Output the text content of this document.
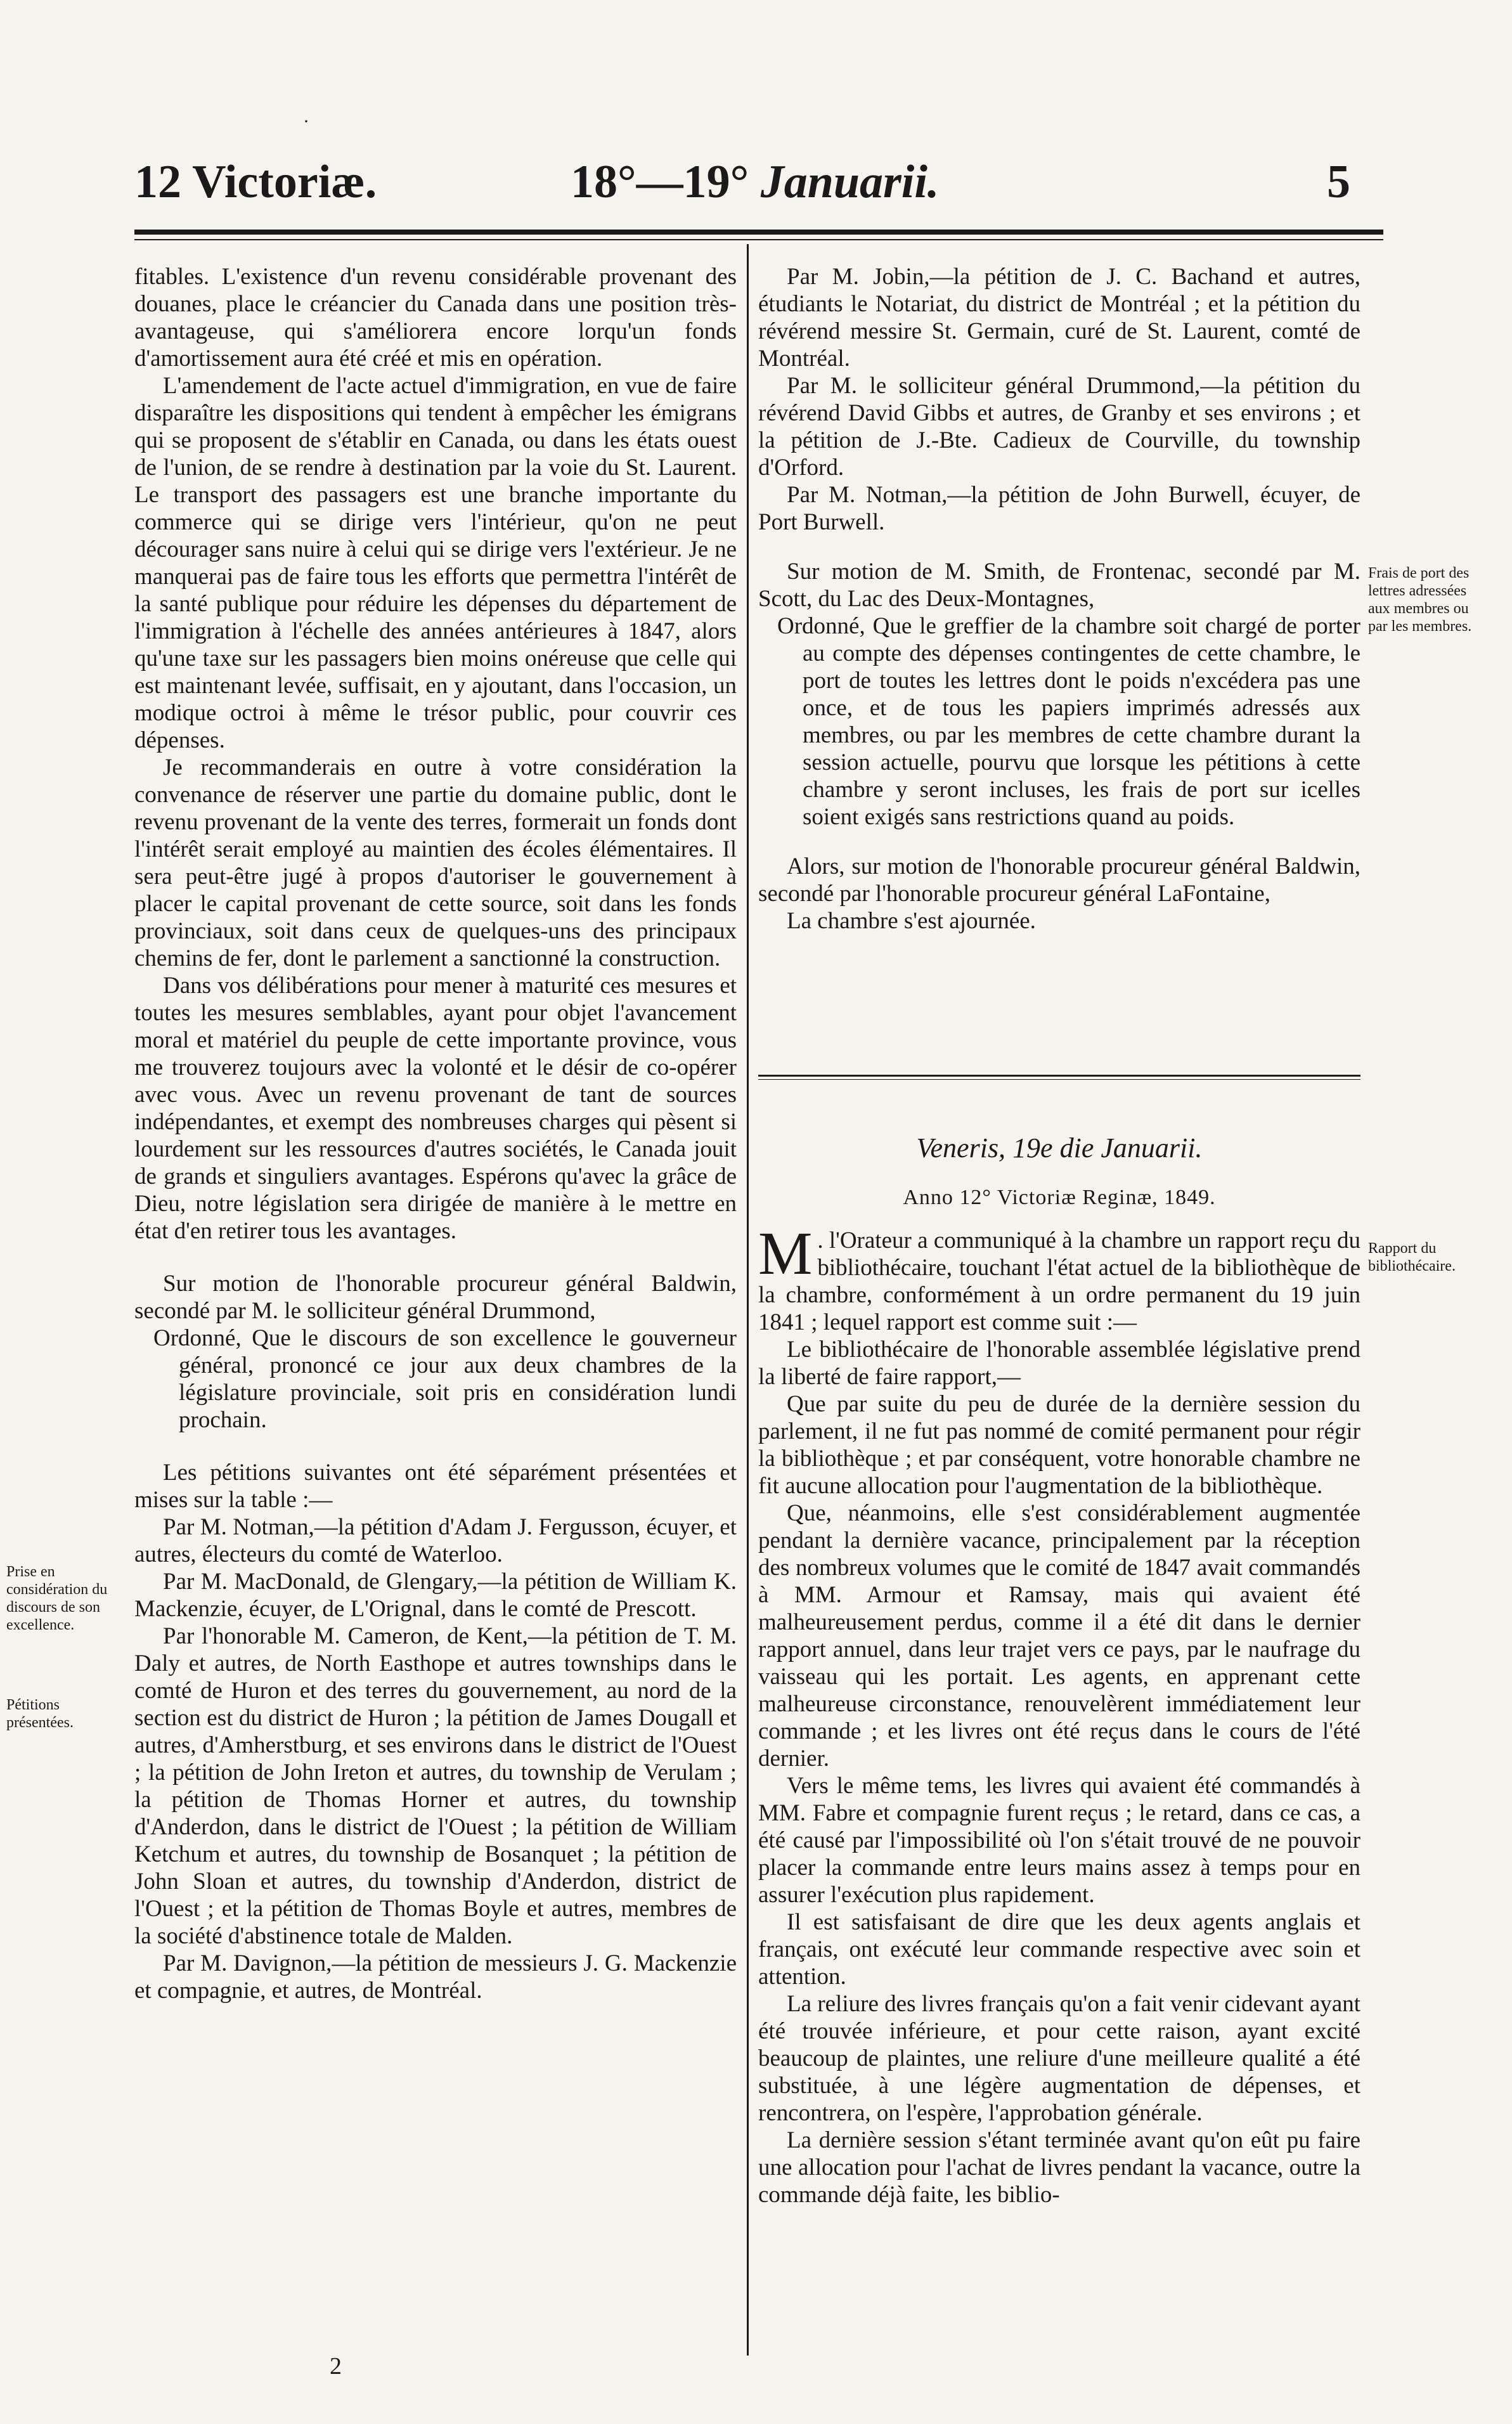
·
12 Victoriæ.	18°—19° Januarii.	5

fitables. L'existence d'un revenu considérable provenant des douanes, place le créancier du Canada dans une position très-avantageuse, qui s'améliorera encore lorqu'un fonds d'amortissement aura été créé et mis en opération.

L'amendement de l'acte actuel d'immigration, en vue de faire disparaître les dispositions qui tendent à empêcher les émigrans qui se proposent de s'établir en Canada, ou dans les états ouest de l'union, de se rendre à destination par la voie du St. Laurent. Le transport des passagers est une branche importante du commerce qui se dirige vers l'intérieur, qu'on ne peut décourager sans nuire à celui qui se dirige vers l'extérieur. Je ne manquerai pas de faire tous les efforts que permettra l'intérêt de la santé publique pour réduire les dépenses du département de l'immigration à l'échelle des années antérieures à 1847, alors qu'une taxe sur les passagers bien moins onéreuse que celle qui est maintenant levée, suffisait, en y ajoutant, dans l'occasion, un modique octroi à même le trésor public, pour couvrir ces dépenses.

Je recommanderais en outre à votre considération la convenance de réserver une partie du domaine public, dont le revenu provenant de la vente des terres, formerait un fonds dont l'intérêt serait employé au maintien des écoles élémentaires. Il sera peut-être jugé à propos d'autoriser le gouvernement à placer le capital provenant de cette source, soit dans les fonds provinciaux, soit dans ceux de quelques-uns des principaux chemins de fer, dont le parlement a sanctionné la construction.

Dans vos délibérations pour mener à maturité ces mesures et toutes les mesures semblables, ayant pour objet l'avancement moral et matériel du peuple de cette importante province, vous me trouverez toujours avec la volonté et le désir de co-opérer avec vous. Avec un revenu provenant de tant de sources indépendantes, et exempt des nombreuses charges qui pèsent si lourdement sur les ressources d'autres sociétés, le Canada jouit de grands et singuliers avantages. Espérons qu'avec la grâce de Dieu, notre législation sera dirigée de manière à le mettre en état d'en retirer tous les avantages.

Sur motion de l'honorable procureur général Baldwin, secondé par M. le solliciteur général Drummond,

Ordonné, Que le discours de son excellence le gouverneur général, prononcé ce jour aux deux chambres de la législature provinciale, soit pris en considération lundi prochain.

Les pétitions suivantes ont été séparément présentées et mises sur la table :—

Par M. Notman,—la pétition d'Adam J. Fergusson, écuyer, et autres, électeurs du comté de Waterloo.

Par M. MacDonald, de Glengary,—la pétition de William K. Mackenzie, écuyer, de L'Orignal, dans le comté de Prescott.

Par l'honorable M. Cameron, de Kent,—la pétition de T. M. Daly et autres, de North Easthope et autres townships dans le comté de Huron et des terres du gouvernement, au nord de la section est du district de Huron ; la pétition de James Dougall et autres, d'Amherstburg, et ses environs dans le district de l'Ouest ; la pétition de John Ireton et autres, du township de Verulam ; la pétition de Thomas Horner et autres, du township d'Anderdon, dans le district de l'Ouest ; la pétition de William Ketchum et autres, du township de Bosanquet ; la pétition de John Sloan et autres, du township d'Anderdon, district de l'Ouest ; et la pétition de Thomas Boyle et autres, membres de la société d'abstinence totale de Malden.

Par M. Davignon,—la pétition de messieurs J. G. Mackenzie et compagnie, et autres, de Montréal.

Par M. Jobin,—la pétition de J. C. Bachand et autres, étudiants le Notariat, du district de Montréal ; et la pétition du révérend messire St. Germain, curé de St. Laurent, comté de Montréal.

Par M. le solliciteur général Drummond,—la pétition du révérend David Gibbs et autres, de Granby et ses environs ; et la pétition de J.-Bte. Cadieux de Courville, du township d'Orford.

Par M. Notman,—la pétition de John Burwell, écuyer, de Port Burwell.

Sur motion de M. Smith, de Frontenac, secondé par M. Scott, du Lac des Deux-Montagnes,

Ordonné, Que le greffier de la chambre soit chargé de porter au compte des dépenses contingentes de cette chambre, le port de toutes les lettres dont le poids n'excédera pas une once, et de tous les papiers imprimés adressés aux membres, ou par les membres de cette chambre durant la session actuelle, pourvu que lorsque les pétitions à cette chambre y seront incluses, les frais de port sur icelles soient exigés sans restrictions quand au poids.

Alors, sur motion de l'honorable procureur général Baldwin, secondé par l'honorable procureur général LaFontaine,

La chambre s'est ajournée.

Veneris, 19e die Januarii.
Anno 12° Victoriæ Reginæ, 1849.

M . l'Orateur a communiqué à la chambre un rapport reçu du bibliothécaire, touchant l'état actuel de la bibliothèque de la chambre, conformément à un ordre permanent du 19 juin 1841 ; lequel rapport est comme suit :—

Le bibliothécaire de l'honorable assemblée législative prend la liberté de faire rapport,—

Que par suite du peu de durée de la dernière session du parlement, il ne fut pas nommé de comité permanent pour régir la bibliothèque ; et par conséquent, votre honorable chambre ne fit aucune allocation pour l'augmentation de la bibliothèque.

Que, néanmoins, elle s'est considérablement augmentée pendant la dernière vacance, principalement par la réception des nombreux volumes que le comité de 1847 avait commandés à MM. Armour et Ramsay, mais qui avaient été malheureusement perdus, comme il a été dit dans le dernier rapport annuel, dans leur trajet vers ce pays, par le naufrage du vaisseau qui les portait. Les agents, en apprenant cette malheureuse circonstance, renouvelèrent immédiatement leur commande ; et les livres ont été reçus dans le cours de l'été dernier.

Vers le même tems, les livres qui avaient été commandés à MM. Fabre et compagnie furent reçus ; le retard, dans ce cas, a été causé par l'impossibilité où l'on s'était trouvé de ne pouvoir placer la commande entre leurs mains assez à temps pour en assurer l'exécution plus rapidement.

Il est satisfaisant de dire que les deux agents anglais et français, ont exécuté leur commande respective avec soin et attention.

La reliure des livres français qu'on a fait venir cidevant ayant été trouvée inférieure, et pour cette raison, ayant excité beaucoup de plaintes, une reliure d'une meilleure qualité a été substituée, à une légère augmentation de dépenses, et rencontrera, on l'espère, l'approbation générale.

La dernière session s'étant terminée avant qu'on eût pu faire une allocation pour l'achat de livres pendant la vacance, outre la commande déjà faite, les biblio-

Prise en considération du discours de son excellence.
Pétitions présentées.
Frais de port des lettres adressées aux membres ou par les membres.
Rapport du bibliothécaire.
2
